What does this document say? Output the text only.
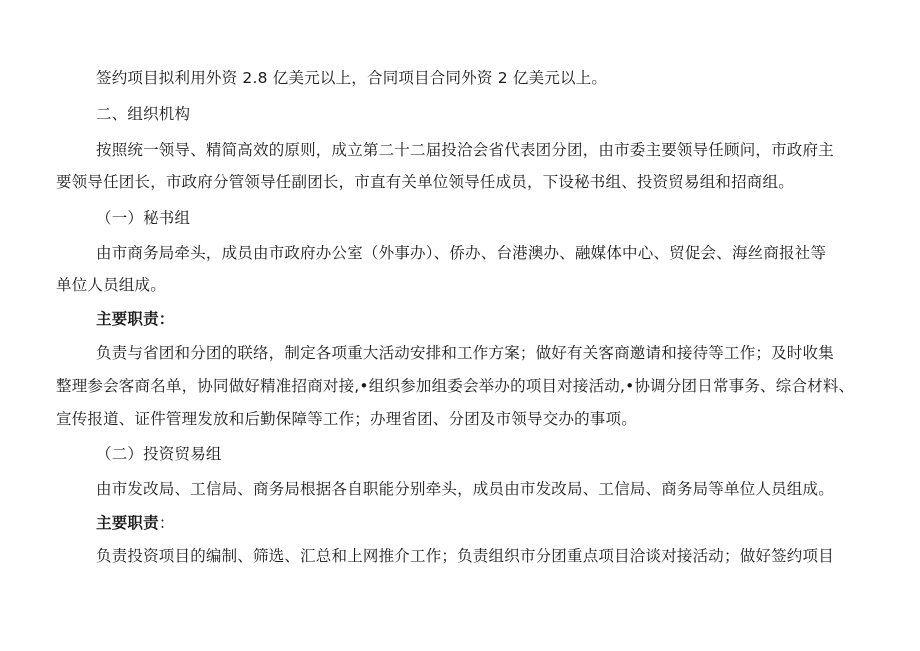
签约项目拟利用外资 2.8 亿美元以上，合同项目合同外资 2 亿美元以上。
二、组织机构
按照统一领导、精简高效的原则，成立第二十二届投洽会省代表团分团，由市委主要领导任顾问，市政府主
要领导任团长，市政府分管领导任副团长，市直有关单位领导任成员，下设秘书组、投资贸易组和招商组。
（一）秘书组
由市商务局牵头，成员由市政府办公室（外事办）、侨办、台港澳办、融媒体中心、贸促会、海丝商报社等
单位人员组成。
主要职责：
负责与省团和分团的联络，制定各项重大活动安排和工作方案；做好有关客商邀请和接待等工作；及时收集
整理参会客商名单，协同做好精准招商对接,•组织参加组委会举办的项目对接活动,•协调分团日常事务、综合材料、
宣传报道、证件管理发放和后勤保障等工作；办理省团、分团及市领导交办的事项。
（二）投资贸易组
由市发改局、工信局、商务局根据各自职能分别牵头，成员由市发改局、工信局、商务局等单位人员组成。
主要职责：
负责投资项目的编制、筛选、汇总和上网推介工作；负责组织市分团重点项目洽谈对接活动；做好签约项目
